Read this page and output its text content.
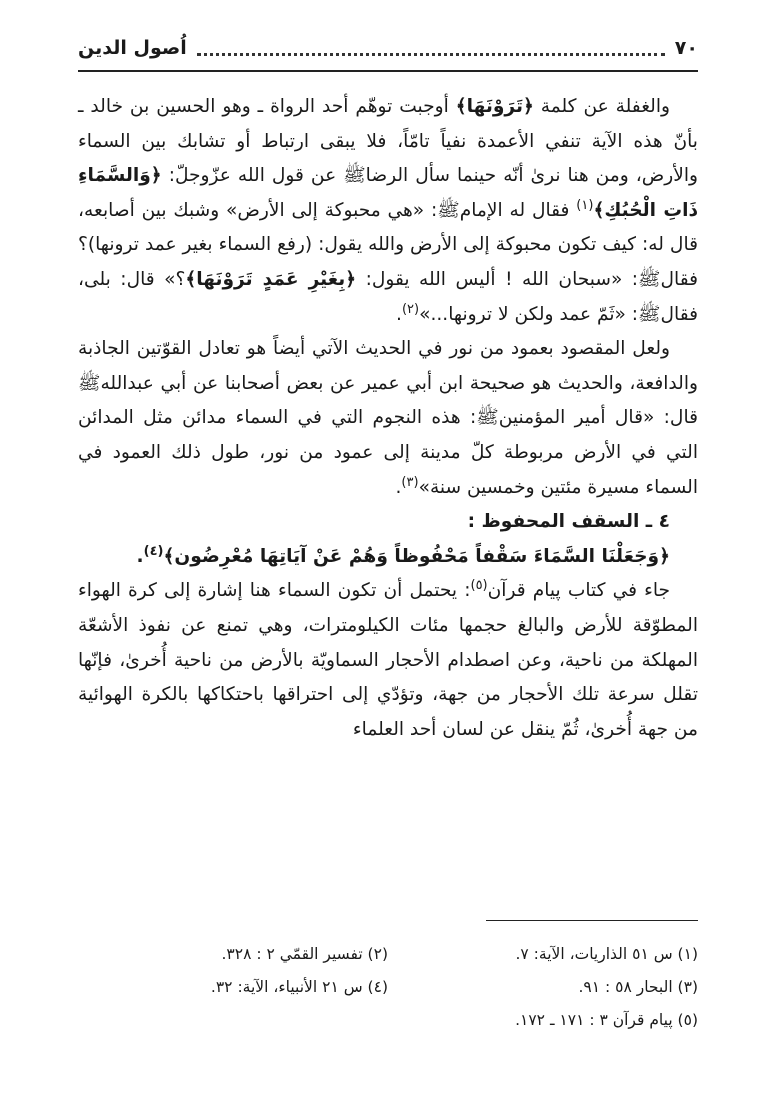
٧٠
اُصول الدين

والغفلة عن كلمة ﴿تَرَوْنَهَا﴾ أوجبت توهّم أحد الرواة ـ وهو الحسين بن خالد ـ بأنّ هذه الآية تنفي الأعمدة نفياً تامّاً، فلا يبقى ارتباط أو تشابك بين السماء والأرض، ومن هنا نرىٰ أنّه حينما سأل الرضاﷺ عن قول الله عزّوجلّ: ﴿وَالسَّمَاءِ ذَاتِ الْحُبُكِ﴾$^{(١)}$ فقال له الإمامﷺ: «هي محبوكة إلى الأرض» وشبك بين أصابعه، قال له: كيف تكون محبوكة إلى الأرض والله يقول: (رفع السماء بغير عمد ترونها)؟ فقالﷺ: «سبحان الله ! أليس الله يقول: ﴿بِغَيْرِ عَمَدٍ تَرَوْنَهَا﴾؟» قال: بلى، فقالﷺ: «ثَمّ عمد ولكن لا ترونها...»$^{(٢)}$.

ولعل المقصود بعمود من نور في الحديث الآتي أيضاً هو تعادل القوّتين الجاذبة والدافعة، والحديث هو صحيحة ابن أبي عمير عن بعض أصحابنا عن أبي عبداللهﷺ قال: «قال أمير المؤمنينﷺ: هذه النجوم التي في السماء مدائن مثل المدائن التي في الأرض مربوطة كلّ مدينة إلى عمود من نور، طول ذلك العمود في السماء مسيرة مئتين وخمسين سنة»$^{(٣)}$.

٤ ـ السقف المحفوظ :

﴿وَجَعَلْنَا السَّمَاءَ سَقْفاً مَحْفُوظاً وَهُمْ عَنْ آيَاتِهَا مُعْرِضُون﴾$^{(٤)}$.

جاء في كتاب پيام قرآن$^{(٥)}$: يحتمل أن تكون السماء هنا إشارة إلى كرة الهواء المطوّقة للأرض والبالغ حجمها مئات الكيلومترات، وهي تمنع عن نفوذ الأشعّة المهلكة من ناحية، وعن اصطدام الأحجار السماويّة بالأرض من ناحية أُخرىٰ، فإنّها تقلل سرعة تلك الأحجار من جهة، وتؤدّي إلى احتراقها باحتكاكها بالكرة الهوائية من جهة أُخرىٰ، ثُمّ ينقل عن لسان أحد العلماء

(١) س ٥١ الذاريات، الآية: ٧.
(٢) تفسير القمّي ٢ : ٣٢٨.
(٣) البحار ٥٨ : ٩١.
(٤) س ٢١ الأنبياء، الآية: ٣٢.
(٥) پيام قرآن ٣ : ١٧١ ـ ١٧٢.
